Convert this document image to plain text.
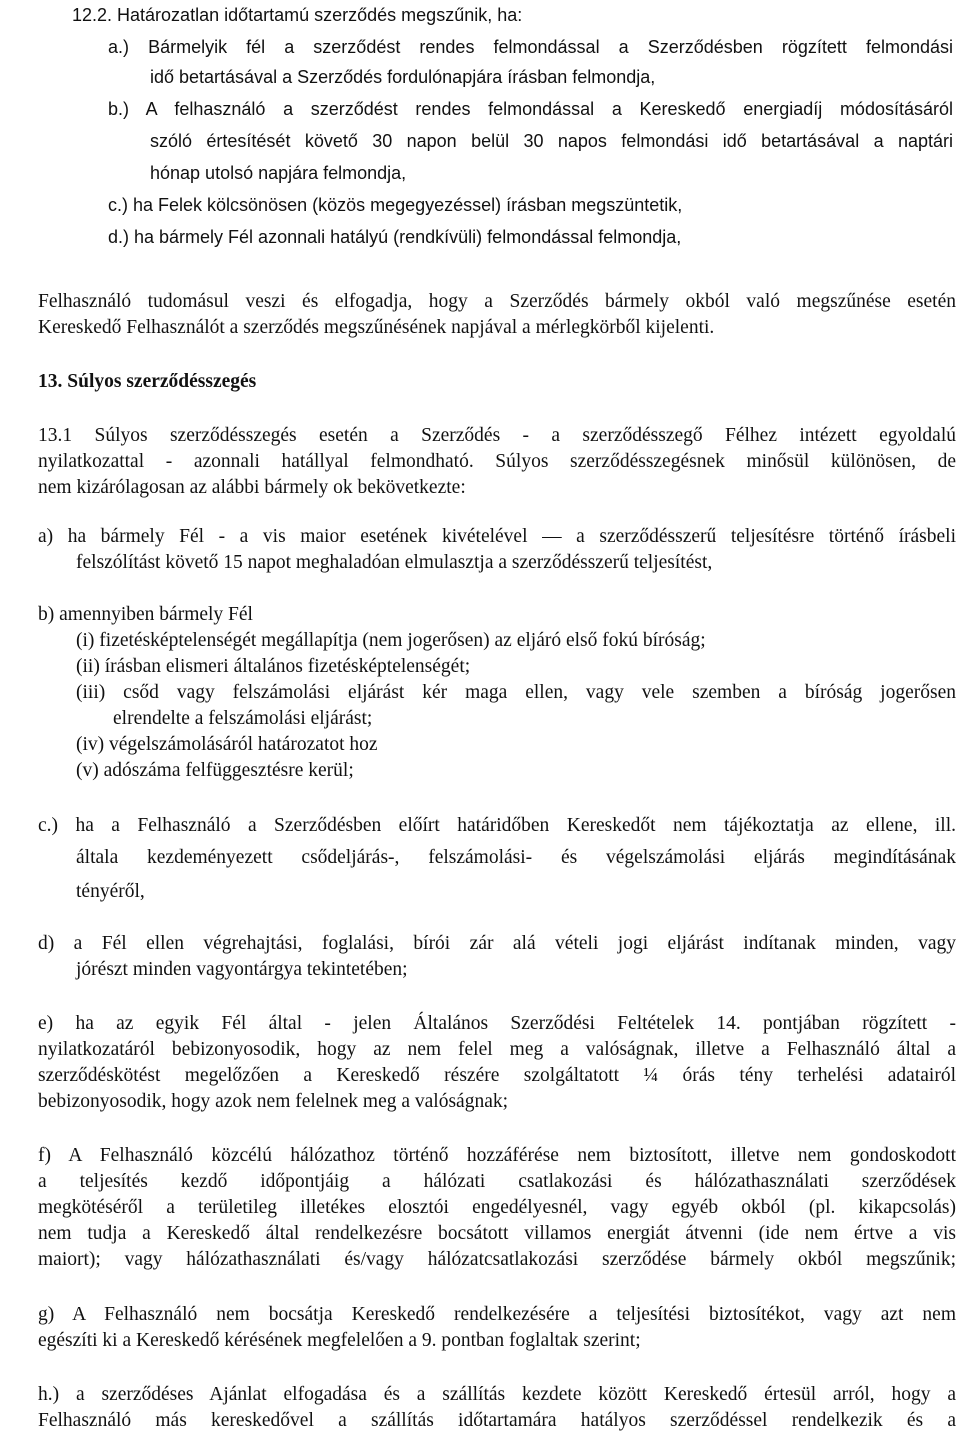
12.2. Határozatlan időtartamú szerződés megszűnik, ha:
a.) Bármelyik fél a szerződést rendes felmondással a Szerződésben rögzített felmondási
idő betartásával a Szerződés fordulónapjára írásban felmondja,
b.) A felhasználó a szerződést rendes felmondással a Kereskedő energiadíj módosításáról
szóló értesítését követő 30 napon belül 30 napos felmondási idő betartásával a naptári
hónap utolsó napjára felmondja,
c.) ha Felek kölcsönösen (közös megegyezéssel) írásban megszüntetik,
d.) ha bármely Fél azonnali hatályú (rendkívüli) felmondással felmondja,
Felhasználó tudomásul veszi és elfogadja, hogy a Szerződés bármely okból való megszűnése esetén
Kereskedő Felhasználót a szerződés megszűnésének napjával a mérlegkörből kijelenti.
13. Súlyos szerződésszegés
13.1 Súlyos szerződésszegés esetén a Szerződés - a szerződésszegő Félhez intézett egyoldalú
nyilatkozattal - azonnali hatállyal felmondható. Súlyos szerződésszegésnek minősül különösen, de
nem kizárólagosan az alábbi bármely ok bekövetkezte:
a) ha bármely Fél - a vis maior esetének kivételével — a szerződésszerű teljesítésre történő írásbeli
felszólítást követő 15 napot meghaladóan elmulasztja a szerződésszerű teljesítést,
b) amennyiben bármely Fél
(i) fizetésképtelenségét megállapítja (nem jogerősen) az eljáró első fokú bíróság;
(ii) írásban elismeri általános fizetésképtelenségét;
(iii) csőd vagy felszámolási eljárást kér maga ellen, vagy vele szemben a bíróság jogerősen
elrendelte a felszámolási eljárást;
(iv) végelszámolásáról határozatot hoz
(v) adószáma felfüggesztésre kerül;
c.) ha a Felhasználó a Szerződésben előírt határidőben Kereskedőt nem tájékoztatja az ellene, ill.
általa kezdeményezett csődeljárás-, felszámolási- és végelszámolási eljárás megindításának
tényéről,
d) a Fél ellen végrehajtási, foglalási, bírói zár alá vételi jogi eljárást indítanak minden, vagy
jórészt minden vagyontárgya tekintetében;
e) ha az egyik Fél által - jelen Általános Szerződési Feltételek 14. pontjában rögzített -
nyilatkozatáról bebizonyosodik, hogy az nem felel meg a valóságnak, illetve a Felhasználó által a
szerződéskötést megelőzően a Kereskedő részére szolgáltatott ¼ órás tény terhelési adatairól
bebizonyosodik, hogy azok nem felelnek meg a valóságnak;
f) A Felhasználó közcélú hálózathoz történő hozzáférése nem biztosított, illetve nem gondoskodott
a teljesítés kezdő időpontjáig a hálózati csatlakozási és hálózathasználati szerződések
megkötéséről a területileg illetékes elosztói engedélyesnél, vagy egyéb okból (pl. kikapcsolás)
nem tudja a Kereskedő által rendelkezésre bocsátott villamos energiát átvenni (ide nem értve a vis
maiort); vagy hálózathasználati és/vagy hálózatcsatlakozási szerződése bármely okból megszűnik;
g) A Felhasználó nem bocsátja Kereskedő rendelkezésére a teljesítési biztosítékot, vagy azt nem
egészíti ki a Kereskedő kérésének megfelelően a 9. pontban foglaltak szerint;
h.) a szerződéses Ajánlat elfogadása és a szállítás kezdete között Kereskedő értesül arról, hogy a
Felhasználó más kereskedővel a szállítás időtartamára hatályos szerződéssel rendelkezik és a
